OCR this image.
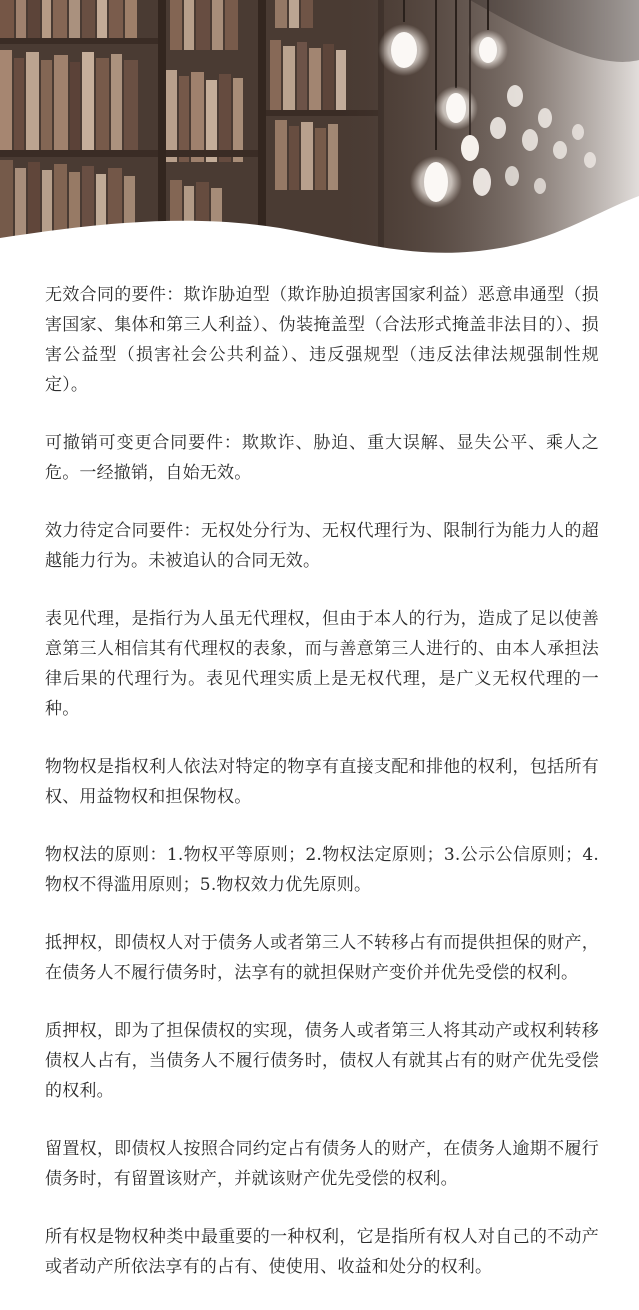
无效合同的要件：欺诈胁迫型（欺诈胁迫损害国家利益）恶意串通型（损害国家、集体和第三人利益）、伪装掩盖型（合法形式掩盖非法目的）、损害公益型（损害社会公共利益）、违反强规型（违反法律法规强制性规定）。

可撤销可变更合同要件：欺欺诈、胁迫、重大误解、显失公平、乘人之危。一经撤销，自始无效。

效力待定合同要件：无权处分行为、无权代理行为、限制行为能力人的超越能力行为。未被追认的合同无效。

表见代理，是指行为人虽无代理权，但由于本人的行为，造成了足以使善意第三人相信其有代理权的表象，而与善意第三人进行的、由本人承担法律后果的代理行为。表见代理实质上是无权代理，是广义无权代理的一种。

物物权是指权利人依法对特定的物享有直接支配和排他的权利，包括所有权、用益物权和担保物权。

物权法的原则：1.物权平等原则；2.物权法定原则；3.公示公信原则；4.物权不得滥用原则；5.物权效力优先原则。

抵押权，即债权人对于债务人或者第三人不转移占有而提供担保的财产，在债务人不履行债务时，法享有的就担保财产变价并优先受偿的权利。

质押权，即为了担保债权的实现，债务人或者第三人将其动产或权利转移债权人占有，当债务人不履行债务时，债权人有就其占有的财产优先受偿的权利。

留置权，即债权人按照合同约定占有债务人的财产，在债务人逾期不履行债务时，有留置该财产，并就该财产优先受偿的权利。

所有权是物权种类中最重要的一种权利，它是指所有权人对自己的不动产或者动产所依法享有的占有、使使用、收益和处分的权利。
